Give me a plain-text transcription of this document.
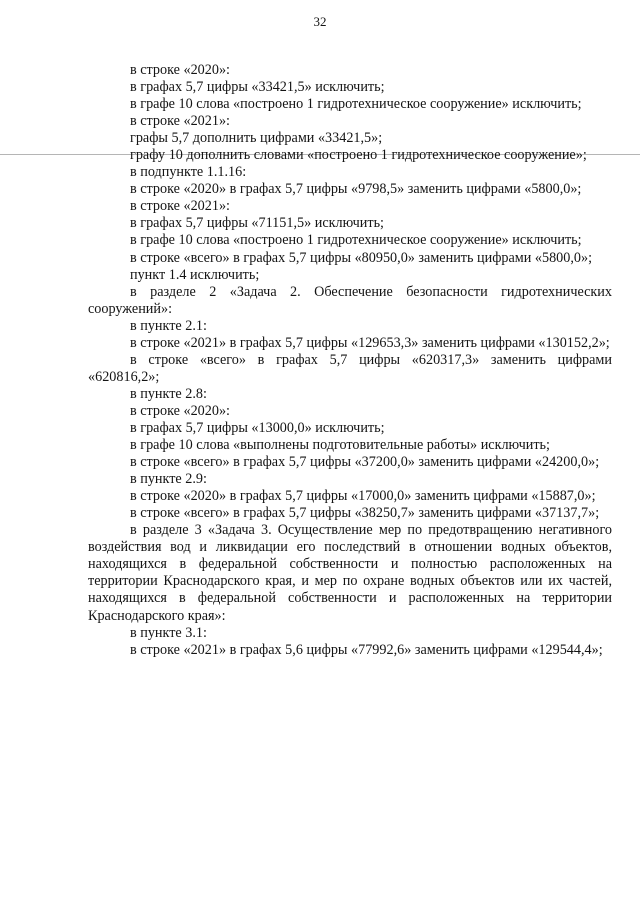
32

в строке «2020»:

в графах 5,7 цифры «33421,5» исключить;

в графе 10 слова «построено 1 гидротехническое сооружение» исключить;

в строке «2021»:

графы 5,7 дополнить цифрами «33421,5»;

графу 10 дополнить словами «построено 1 гидротехническое сооружение»;

в подпункте 1.1.16:

в строке «2020» в графах 5,7 цифры «9798,5» заменить цифрами «5800,0»;

в строке «2021»:

в графах 5,7 цифры «71151,5» исключить;

в графе 10 слова «построено 1 гидротехническое сооружение» исключить;

в строке «всего» в графах 5,7 цифры «80950,0» заменить цифрами «5800,0»;

пункт 1.4 исключить;

в разделе 2 «Задача 2. Обеспечение безопасности гидротехнических сооружений»:

в пункте 2.1:

в строке «2021» в графах 5,7 цифры «129653,3» заменить цифрами «130152,2»;

в строке «всего» в графах 5,7 цифры «620317,3» заменить цифрами «620816,2»;

в пункте 2.8:

в строке «2020»:

в графах 5,7 цифры «13000,0» исключить;

в графе 10 слова «выполнены подготовительные работы» исключить;

в строке «всего» в графах 5,7 цифры «37200,0» заменить цифрами «24200,0»;

в пункте 2.9:

в строке «2020» в графах 5,7 цифры «17000,0» заменить цифрами «15887,0»;

в строке «всего» в графах 5,7 цифры «38250,7» заменить цифрами «37137,7»;

в разделе 3 «Задача 3. Осуществление мер по предотвращению негативного воздействия вод и ликвидации его последствий в отношении водных объектов, находящихся в федеральной собственности и полностью расположенных на территории Краснодарского края, и мер по охране водных объектов или их частей, находящихся в федеральной собственности и расположенных на территории Краснодарского края»:

в пункте 3.1:

в строке «2021» в графах 5,6 цифры «77992,6» заменить цифрами «129544,4»;
